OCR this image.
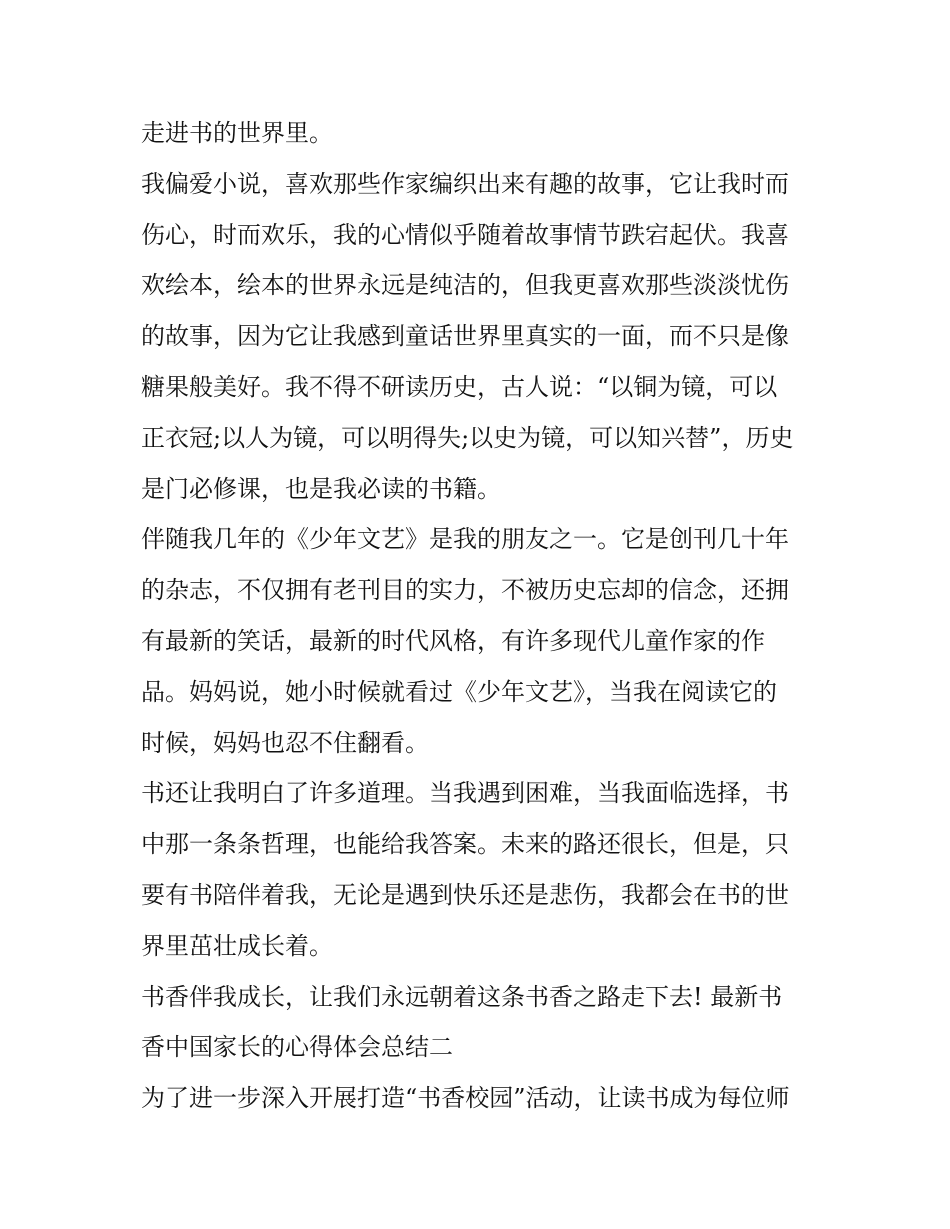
走进书的世界里。
我偏爱小说，喜欢那些作家编织出来有趣的故事，它让我时而
伤心，时而欢乐，我的心情似乎随着故事情节跌宕起伏。我喜
欢绘本，绘本的世界永远是纯洁的，但我更喜欢那些淡淡忧伤
的故事，因为它让我感到童话世界里真实的一面，而不只是像
糖果般美好。我不得不研读历史，古人说：“以铜为镜，可以
正衣冠;以人为镜，可以明得失;以史为镜，可以知兴替”，历史
是门必修课，也是我必读的书籍。
伴随我几年的《少年文艺》是我的朋友之一。它是创刊几十年
的杂志，不仅拥有老刊目的实力，不被历史忘却的信念，还拥
有最新的笑话，最新的时代风格，有许多现代儿童作家的作
品。妈妈说，她小时候就看过《少年文艺》，当我在阅读它的
时候，妈妈也忍不住翻看。
书还让我明白了许多道理。当我遇到困难，当我面临选择，书
中那一条条哲理，也能给我答案。未来的路还很长，但是，只
要有书陪伴着我，无论是遇到快乐还是悲伤，我都会在书的世
界里茁壮成长着。
书香伴我成长，让我们永远朝着这条书香之路走下去! 最新书
香中国家长的心得体会总结二
为了进一步深入开展打造“书香校园”活动，让读书成为每位师
